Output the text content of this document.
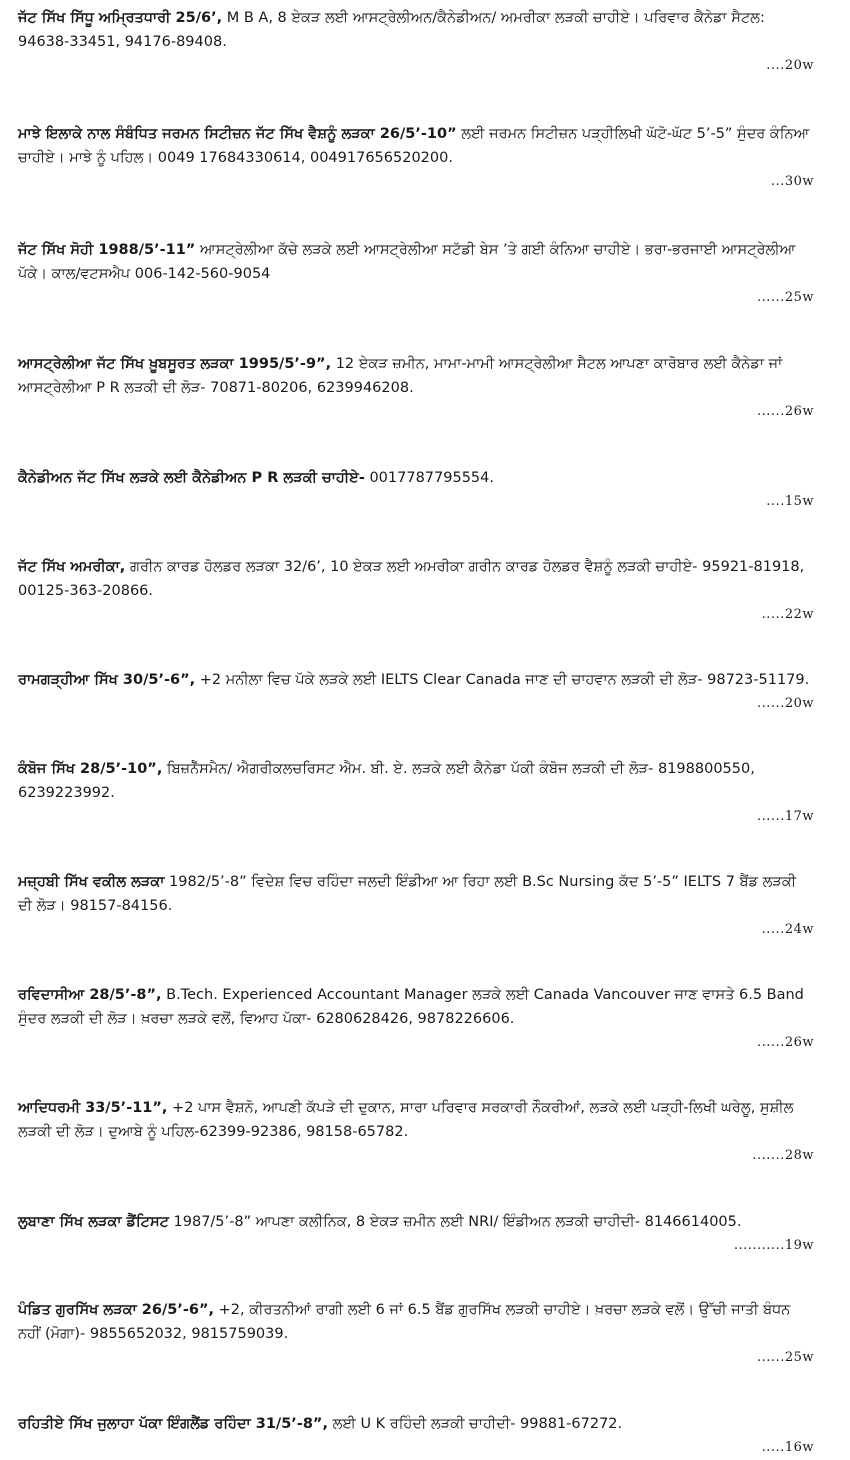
ਜੱਟ ਸਿੱਖ ਸਿੱਧੂ ਅਮ੍ਰਿਤਧਾਰੀ 25/6’, M B A, 8 ਏਕੜ ਲਈ ਆਸਟ੍ਰੇਲੀਅਨ/ਕੈਨੇਡੀਅਨ/ ਅਮਰੀਕਾ ਲੜਕੀ ਚਾਹੀਏ। ਪਰਿਵਾਰ ਕੈਨੇਡਾ ਸੈਟਲ: 94638-33451, 94176-89408.
....20w
ਮਾਝੇ ਇਲਾਕੇ ਨਾਲ ਸੰਬੰਧਿਤ ਜਰਮਨ ਸਿਟੀਜ਼ਨ ਜੱਟ ਸਿੱਖ ਵੈਸ਼ਨੂੰ ਲੜਕਾ 26/5’-10” ਲਈ ਜਰਮਨ ਸਿਟੀਜ਼ਨ ਪੜ੍ਹੀਲਿਖੀ ਘੱਟੋ-ਘੱਟ 5’-5” ਸੁੰਦਰ ਕੰਨਿਆ ਚਾਹੀਏ। ਮਾਝੇ ਨੂੰ ਪਹਿਲ। 0049 17684330614, 004917656520200.
...30w
ਜੱਟ ਸਿੱਖ ਸੋਹੀ 1988/5’-11” ਆਸਟ੍ਰੇਲੀਆ ਕੱਚੇ ਲੜਕੇ ਲਈ ਆਸਟ੍ਰੇਲੀਆ ਸਟੱਡੀ ਬੇਸ ’ਤੇ ਗਈ ਕੰਨਿਆ ਚਾਹੀਏ। ਭਰਾ-ਭਰਜਾਈ ਆਸਟ੍ਰੇਲੀਆ ਪੱਕੇ। ਕਾਲ/ਵਟਸਐਪ 006-142-560-9054
......25w
ਆਸਟ੍ਰੇਲੀਆ ਜੱਟ ਸਿੱਖ ਖ਼ੂਬਸੂਰਤ ਲੜਕਾ 1995/5’-9”, 12 ਏਕੜ ਜ਼ਮੀਨ, ਮਾਮਾ-ਮਾਮੀ ਆਸਟ੍ਰੇਲੀਆ ਸੈਟਲ ਆਪਣਾ ਕਾਰੋਬਾਰ ਲਈ ਕੈਨੇਡਾ ਜਾਂ ਆਸਟ੍ਰੇਲੀਆ P R ਲੜਕੀ ਦੀ ਲੋੜ- 70871-80206, 6239946208.
......26w
ਕੈਨੇਡੀਅਨ ਜੱਟ ਸਿੱਖ ਲੜਕੇ ਲਈ ਕੈਨੇਡੀਅਨ P R ਲੜਕੀ ਚਾਹੀਏ- 0017787795554.
....15w
ਜੱਟ ਸਿੱਖ ਅਮਰੀਕਾ, ਗਰੀਨ ਕਾਰਡ ਹੋਲਡਰ ਲੜਕਾ 32/6’, 10 ਏਕੜ ਲਈ ਅਮਰੀਕਾ ਗਰੀਨ ਕਾਰਡ ਹੋਲਡਰ ਵੈਸ਼ਨੂੰ ਲੜਕੀ ਚਾਹੀਏ- 95921-81918, 00125-363-20866.
.....22w
ਰਾਮਗੜ੍ਹੀਆ ਸਿੱਖ 30/5’-6”, +2 ਮਨੀਲਾ ਵਿਚ ਪੱਕੇ ਲੜਕੇ ਲਈ IELTS Clear Canada ਜਾਣ ਦੀ ਚਾਹਵਾਨ ਲੜਕੀ ਦੀ ਲੋੜ- 98723-51179.
......20w
ਕੰਬੋਜ ਸਿੱਖ 28/5’-10”, ਬਿਜ਼ਨੈੱਸਮੈਨ/ ਐਗਰੀਕਲਚਰਿਸਟ ਐਮ. ਬੀ. ਏ. ਲੜਕੇ ਲਈ ਕੈਨੇਡਾ ਪੱਕੀ ਕੰਬੋਜ ਲੜਕੀ ਦੀ ਲੋੜ- 8198800550, 6239223992.
......17w
ਮਜ਼੍ਹਬੀ ਸਿੱਖ ਵਕੀਲ ਲੜਕਾ 1982/5’-8” ਵਿਦੇਸ਼ ਵਿਚ ਰਹਿੰਦਾ ਜਲਦੀ ਇੰਡੀਆ ਆ ਰਿਹਾ ਲਈ B.Sc Nursing ਕੱਦ 5’-5” IELTS 7 ਬੈਂਡ ਲੜਕੀ ਦੀ ਲੋੜ। 98157-84156.
.....24w
ਰਵਿਦਾਸੀਆ 28/5’-8”, B.Tech. Experienced Accountant Manager ਲੜਕੇ ਲਈ Canada Vancouver ਜਾਣ ਵਾਸਤੇ 6.5 Band ਸੁੰਦਰ ਲੜਕੀ ਦੀ ਲੋੜ। ਖ਼ਰਚਾ ਲੜਕੇ ਵਲੋਂ, ਵਿਆਹ ਪੱਕਾ- 6280628426, 9878226606.
......26w
ਆਦਿਧਰਮੀ 33/5’-11”, +2 ਪਾਸ ਵੈਸ਼ਨੋ, ਆਪਣੀ ਕੱਪੜੇ ਦੀ ਦੁਕਾਨ, ਸਾਰਾ ਪਰਿਵਾਰ ਸਰਕਾਰੀ ਨੌਕਰੀਆਂ, ਲੜਕੇ ਲਈ ਪੜ੍ਹੀ-ਲਿਖੀ ਘਰੇਲੂ, ਸੁਸ਼ੀਲ ਲੜਕੀ ਦੀ ਲੋੜ। ਦੁਆਬੇ ਨੂੰ ਪਹਿਲ-62399-92386, 98158-65782.
.......28w
ਲੁਬਾਣਾ ਸਿੱਖ ਲੜਕਾ ਡੈਂਟਿਸਟ 1987/5’-8” ਆਪਣਾ ਕਲੀਨਿਕ, 8 ਏਕੜ ਜ਼ਮੀਨ ਲਈ NRI/ ਇੰਡੀਅਨ ਲੜਕੀ ਚਾਹੀਦੀ- 8146614005.
...........19w
ਪੰਡਿਤ ਗੁਰਸਿੱਖ ਲੜਕਾ 26/5’-6”, +2, ਕੀਰਤਨੀਆਂ ਰਾਗੀ ਲਈ 6 ਜਾਂ 6.5 ਬੈਂਡ ਗੁਰਸਿੱਖ ਲੜਕੀ ਚਾਹੀਏ। ਖ਼ਰਚਾ ਲੜਕੇ ਵਲੋਂ। ਉੱਚੀ ਜਾਤੀ ਬੰਧਨ ਨਹੀਂ (ਮੋਗਾ)- 9855652032, 9815759039.
......25w
ਰਹਿਤੀਏ ਸਿੱਖ ਜੁਲਾਹਾ ਪੱਕਾ ਇੰਗਲੈਂਡ ਰਹਿੰਦਾ 31/5’-8”, ਲਈ U K ਰਹਿੰਦੀ ਲੜਕੀ ਚਾਹੀਦੀ- 99881-67272.
.....16w
